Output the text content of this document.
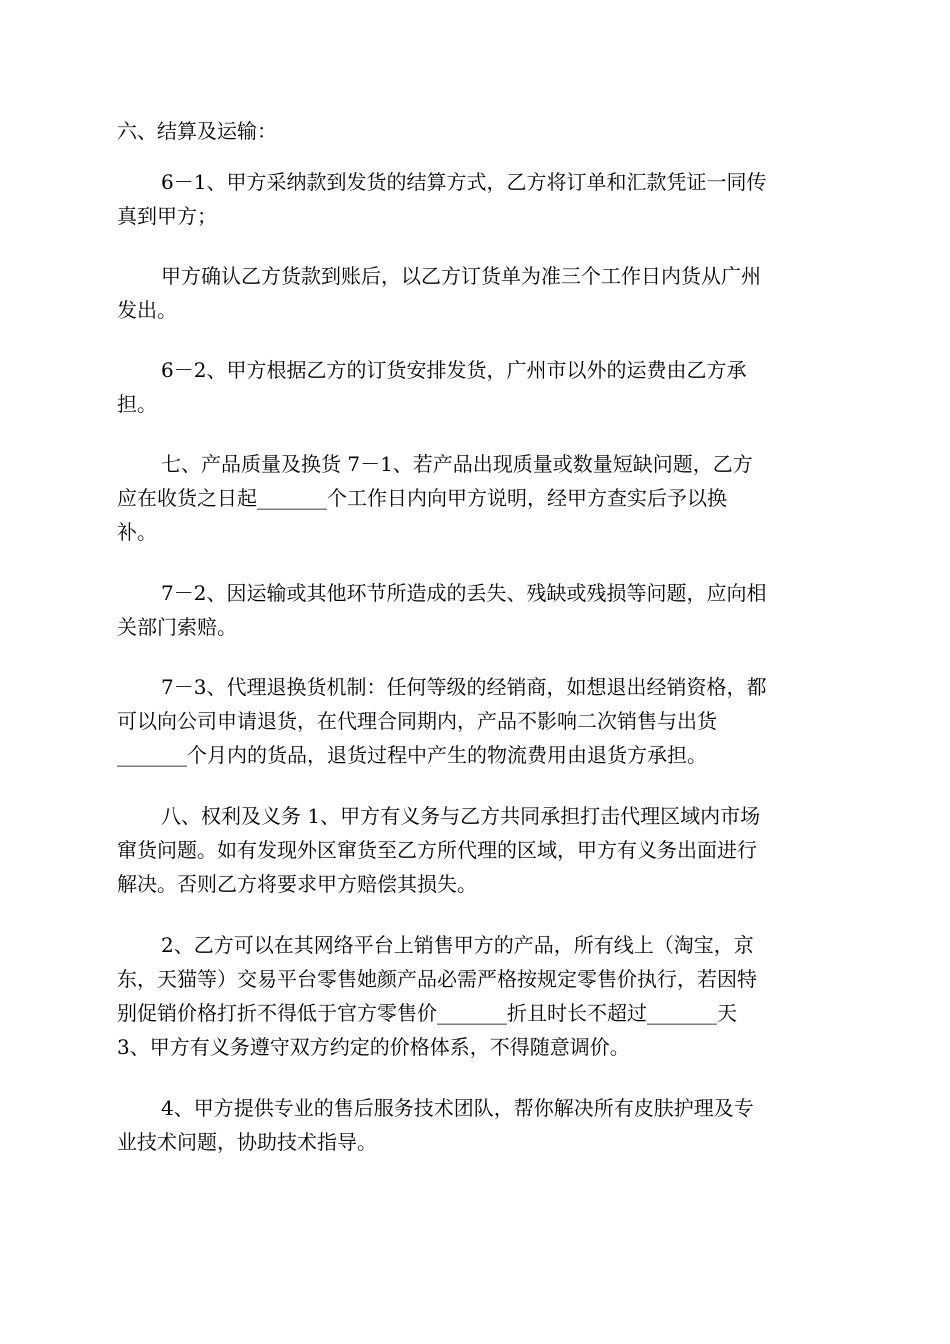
六、结算及运输：

6－1、甲方采纳款到发货的结算方式，乙方将订单和汇款凭证一同传
真到甲方；

甲方确认乙方货款到账后，以乙方订货单为准三个工作日内货从广州
发出。

6－2、甲方根据乙方的订货安排发货，广州市以外的运费由乙方承
担。

七、产品质量及换货 7－1、若产品出现质量或数量短缺问题，乙方
应在收货之日起_______个工作日内向甲方说明，经甲方查实后予以换
补。

7－2、因运输或其他环节所造成的丢失、残缺或残损等问题，应向相
关部门索赔。

7－3、代理退换货机制：任何等级的经销商，如想退出经销资格，都
可以向公司申请退货，在代理合同期内，产品不影响二次销售与出货
_______个月内的货品，退货过程中产生的物流费用由退货方承担。

八、权利及义务 1、甲方有义务与乙方共同承担打击代理区域内市场
窜货问题。如有发现外区窜货至乙方所代理的区域，甲方有义务出面进行
解决。否则乙方将要求甲方赔偿其损失。

2、乙方可以在其网络平台上销售甲方的产品，所有线上（淘宝，京
东，天猫等）交易平台零售她颜产品必需严格按规定零售价执行，若因特
别促销价格打折不得低于官方零售价_______折且时长不超过_______天
3、甲方有义务遵守双方约定的价格体系，不得随意调价。

4、甲方提供专业的售后服务技术团队，帮你解决所有皮肤护理及专
业技术问题，协助技术指导。
